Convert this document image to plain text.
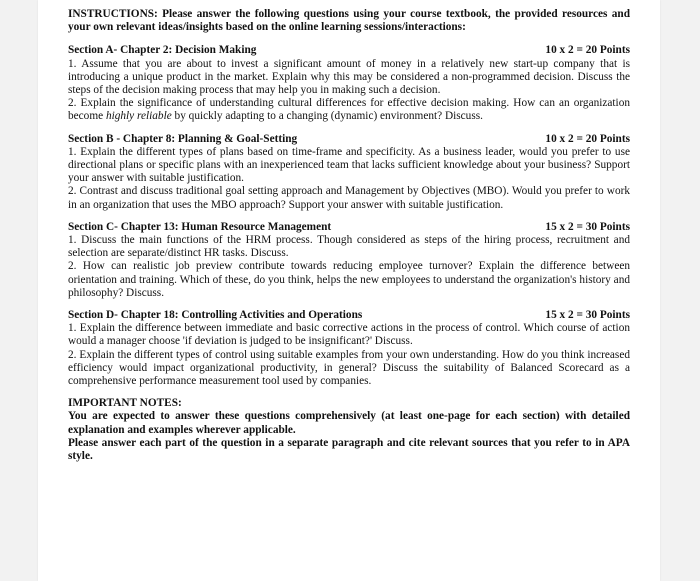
INSTRUCTIONS: Please answer the following questions using your course textbook, the provided resources and your own relevant ideas/insights based on the online learning sessions/interactions:

Section A- Chapter 2: Decision Making	10 x 2 = 20 Points

1. Assume that you are about to invest a significant amount of money in a relatively new start-up company that is introducing a unique product in the market. Explain why this may be considered a non-programmed decision. Discuss the steps of the decision making process that may help you in making such a decision.

2. Explain the significance of understanding cultural differences for effective decision making. How can an organization become highly reliable by quickly adapting to a changing (dynamic) environment? Discuss.

Section B - Chapter 8: Planning & Goal-Setting	10 x 2 = 20 Points

1. Explain the different types of plans based on time-frame and specificity. As a business leader, would you prefer to use directional plans or specific plans with an inexperienced team that lacks sufficient knowledge about your business? Support your answer with suitable justification.

2. Contrast and discuss traditional goal setting approach and Management by Objectives (MBO). Would you prefer to work in an organization that uses the MBO approach? Support your answer with suitable justification.

Section C- Chapter 13: Human Resource Management	15 x 2 = 30 Points

1. Discuss the main functions of the HRM process. Though considered as steps of the hiring process, recruitment and selection are separate/distinct HR tasks. Discuss.

2. How can realistic job preview contribute towards reducing employee turnover? Explain the difference between orientation and training. Which of these, do you think, helps the new employees to understand the organization's history and philosophy? Discuss.

Section D- Chapter 18: Controlling Activities and Operations	15 x 2 = 30 Points

1. Explain the difference between immediate and basic corrective actions in the process of control. Which course of action would a manager choose 'if deviation is judged to be insignificant?' Discuss.

2. Explain the different types of control using suitable examples from your own understanding. How do you think increased efficiency would impact organizational productivity, in general? Discuss the suitability of Balanced Scorecard as a comprehensive performance measurement tool used by companies.

IMPORTANT NOTES:

You are expected to answer these questions comprehensively (at least one-page for each section) with detailed explanation and examples wherever applicable.

Please answer each part of the question in a separate paragraph and cite relevant sources that you refer to in APA style.
